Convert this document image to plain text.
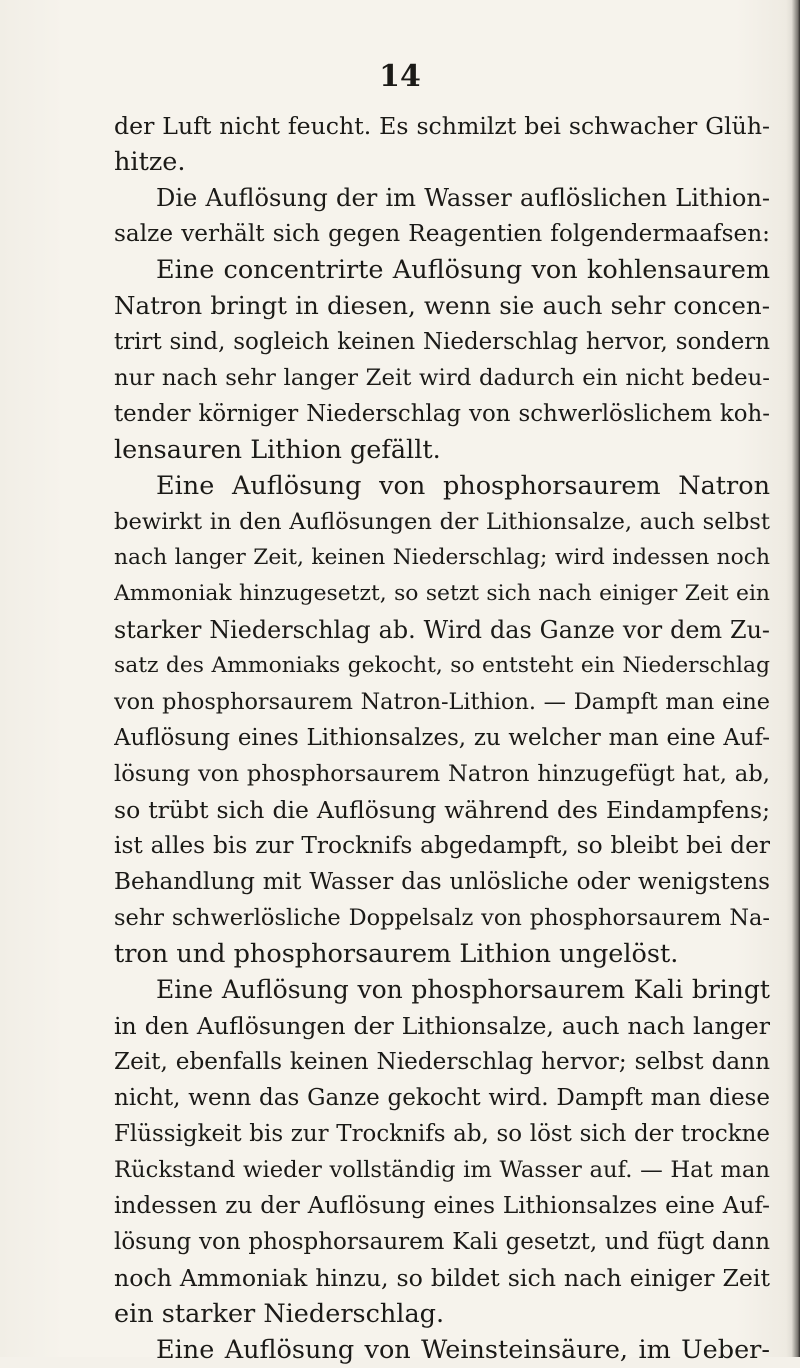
14
der Luft nicht feucht. Es schmilzt bei schwacher Glüh-
hitze.
Die Auflösung der im Wasser auflöslichen Lithion-
salze verhält sich gegen Reagentien folgendermaafsen:
Eine concentrirte Auflösung von kohlensaurem
Natron bringt in diesen, wenn sie auch sehr concen-
trirt sind, sogleich keinen Niederschlag hervor, sondern
nur nach sehr langer Zeit wird dadurch ein nicht bedeu-
tender körniger Niederschlag von schwerlöslichem koh-
lensauren Lithion gefällt.
Eine Auflösung von phosphorsaurem Natron
bewirkt in den Auflösungen der Lithionsalze, auch selbst
nach langer Zeit, keinen Niederschlag; wird indessen noch
Ammoniak hinzugesetzt, so setzt sich nach einiger Zeit ein
starker Niederschlag ab. Wird das Ganze vor dem Zu-
satz des Ammoniaks gekocht, so entsteht ein Niederschlag
von phosphorsaurem Natron-Lithion. — Dampft man eine
Auflösung eines Lithionsalzes, zu welcher man eine Auf-
lösung von phosphorsaurem Natron hinzugefügt hat, ab,
so trübt sich die Auflösung während des Eindampfens;
ist alles bis zur Trocknifs abgedampft, so bleibt bei der
Behandlung mit Wasser das unlösliche oder wenigstens
sehr schwerlösliche Doppelsalz von phosphorsaurem Na-
tron und phosphorsaurem Lithion ungelöst.
Eine Auflösung von phosphorsaurem Kali bringt
in den Auflösungen der Lithionsalze, auch nach langer
Zeit, ebenfalls keinen Niederschlag hervor; selbst dann
nicht, wenn das Ganze gekocht wird. Dampft man diese
Flüssigkeit bis zur Trocknifs ab, so löst sich der trockne
Rückstand wieder vollständig im Wasser auf. — Hat man
indessen zu der Auflösung eines Lithionsalzes eine Auf-
lösung von phosphorsaurem Kali gesetzt, und fügt dann
noch Ammoniak hinzu, so bildet sich nach einiger Zeit
ein starker Niederschlag.
Eine Auflösung von Weinsteinsäure, im Ueber-
